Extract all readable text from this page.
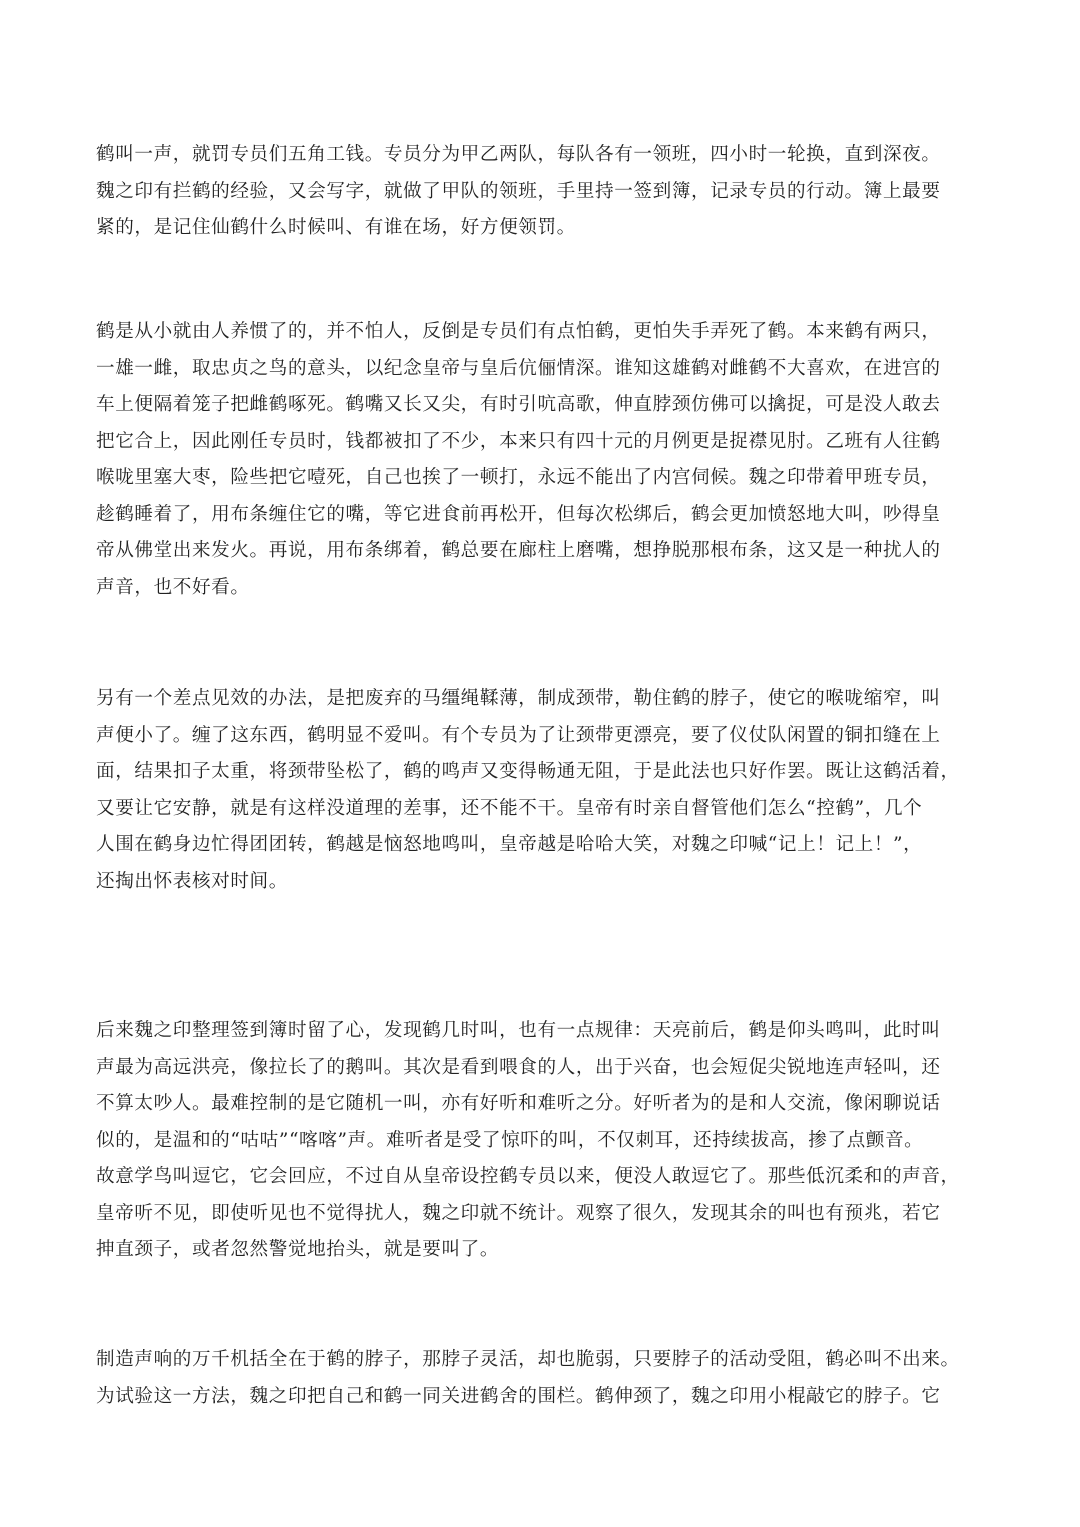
鹤叫一声，就罚专员们五角工钱。专员分为甲乙两队，每队各有一领班，四小时一轮换，直到深夜。
魏之印有拦鹤的经验，又会写字，就做了甲队的领班，手里持一签到簿，记录专员的行动。簿上最要
紧的，是记住仙鹤什么时候叫、有谁在场，好方便领罚。

鹤是从小就由人养惯了的，并不怕人，反倒是专员们有点怕鹤，更怕失手弄死了鹤。本来鹤有两只，
一雄一雌，取忠贞之鸟的意头，以纪念皇帝与皇后伉俪情深。谁知这雄鹤对雌鹤不大喜欢，在进宫的
车上便隔着笼子把雌鹤啄死。鹤嘴又长又尖，有时引吭高歌，伸直脖颈仿佛可以擒捉，可是没人敢去
把它合上，因此刚任专员时，钱都被扣了不少，本来只有四十元的月例更是捉襟见肘。乙班有人往鹤
喉咙里塞大枣，险些把它噎死，自己也挨了一顿打，永远不能出了内宫伺候。魏之印带着甲班专员，
趁鹤睡着了，用布条缠住它的嘴，等它进食前再松开，但每次松绑后，鹤会更加愤怒地大叫，吵得皇
帝从佛堂出来发火。再说，用布条绑着，鹤总要在廊柱上磨嘴，想挣脱那根布条，这又是一种扰人的
声音，也不好看。

另有一个差点见效的办法，是把废弃的马缰绳鞣薄，制成颈带，勒住鹤的脖子，使它的喉咙缩窄，叫
声便小了。缠了这东西，鹤明显不爱叫。有个专员为了让颈带更漂亮，要了仪仗队闲置的铜扣缝在上
面，结果扣子太重，将颈带坠松了，鹤的鸣声又变得畅通无阻，于是此法也只好作罢。既让这鹤活着，
又要让它安静，就是有这样没道理的差事，还不能不干。皇帝有时亲自督管他们怎么“控鹤”，几个
人围在鹤身边忙得团团转，鹤越是恼怒地鸣叫，皇帝越是哈哈大笑，对魏之印喊“记上！记上！”，
还掏出怀表核对时间。

后来魏之印整理签到簿时留了心，发现鹤几时叫，也有一点规律：天亮前后，鹤是仰头鸣叫，此时叫
声最为高远洪亮，像拉长了的鹅叫。其次是看到喂食的人，出于兴奋，也会短促尖锐地连声轻叫，还
不算太吵人。最难控制的是它随机一叫，亦有好听和难听之分。好听者为的是和人交流，像闲聊说话
似的，是温和的“咕咕”“喀喀”声。难听者是受了惊吓的叫，不仅刺耳，还持续拔高，掺了点颤音。
故意学鸟叫逗它，它会回应，不过自从皇帝设控鹤专员以来，便没人敢逗它了。那些低沉柔和的声音，
皇帝听不见，即使听见也不觉得扰人，魏之印就不统计。观察了很久，发现其余的叫也有预兆，若它
抻直颈子，或者忽然警觉地抬头，就是要叫了。

制造声响的万千机括全在于鹤的脖子，那脖子灵活，却也脆弱，只要脖子的活动受阻，鹤必叫不出来。
为试验这一方法，魏之印把自己和鹤一同关进鹤舍的围栏。鹤伸颈了，魏之印用小棍敲它的脖子。它
